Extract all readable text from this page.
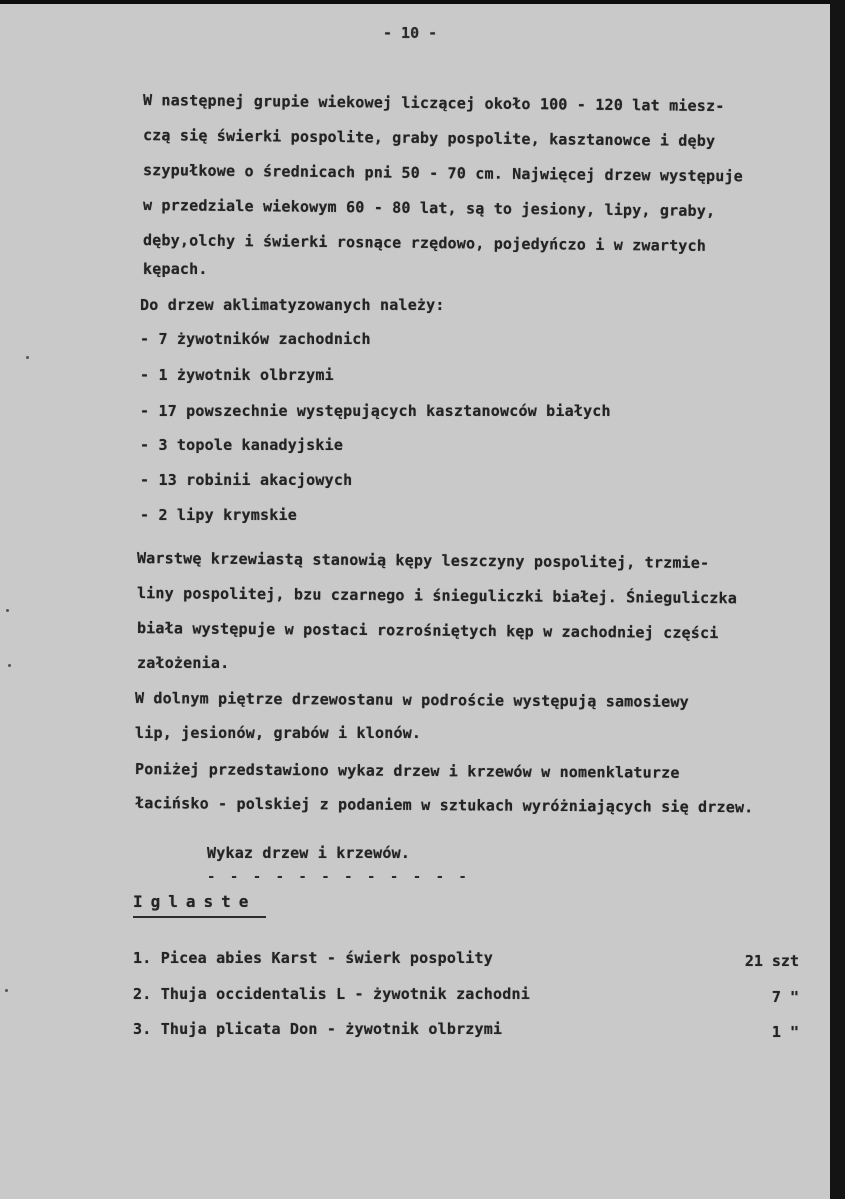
- 10 -
W następnej grupie wiekowej liczącej około 100 - 120 lat miesz-
czą się świerki pospolite, graby pospolite, kasztanowce i dęby
szypułkowe o średnicach pni 50 - 70 cm. Najwięcej drzew występuje
w przedziale wiekowym 60 - 80 lat, są to jesiony, lipy, graby,
dęby,olchy i świerki rosnące rzędowo, pojedyńczo i w zwartych
kępach.
Do drzew aklimatyzowanych należy:
- 7 żywotników zachodnich
- 1 żywotnik olbrzymi
- 17 powszechnie występujących kasztanowców białych
- 3 topole kanadyjskie
- 13 robinii akacjowych
- 2 lipy krymskie
Warstwę krzewiastą stanowią kępy leszczyny pospolitej, trzmie-
liny pospolitej, bzu czarnego i śnieguliczki białej. Śnieguliczka
biała występuje w postaci rozrośniętych kęp w zachodniej części
założenia.
W dolnym piętrze drzewostanu w podroście występują samosiewy
lip, jesionów, grabów i klonów.
Poniżej przedstawiono wykaz drzew i krzewów w nomenklaturze
łacińsko - polskiej z podaniem w sztukach wyróżniających się drzew.
Wykaz drzew i krzewów.
- - - - - - - - - - - -
Iglaste
1. Picea abies Karst - świerk pospolity	21 szt
2. Thuja occidentalis L - żywotnik zachodni	7 "
3. Thuja plicata Don - żywotnik olbrzymi	1 "
